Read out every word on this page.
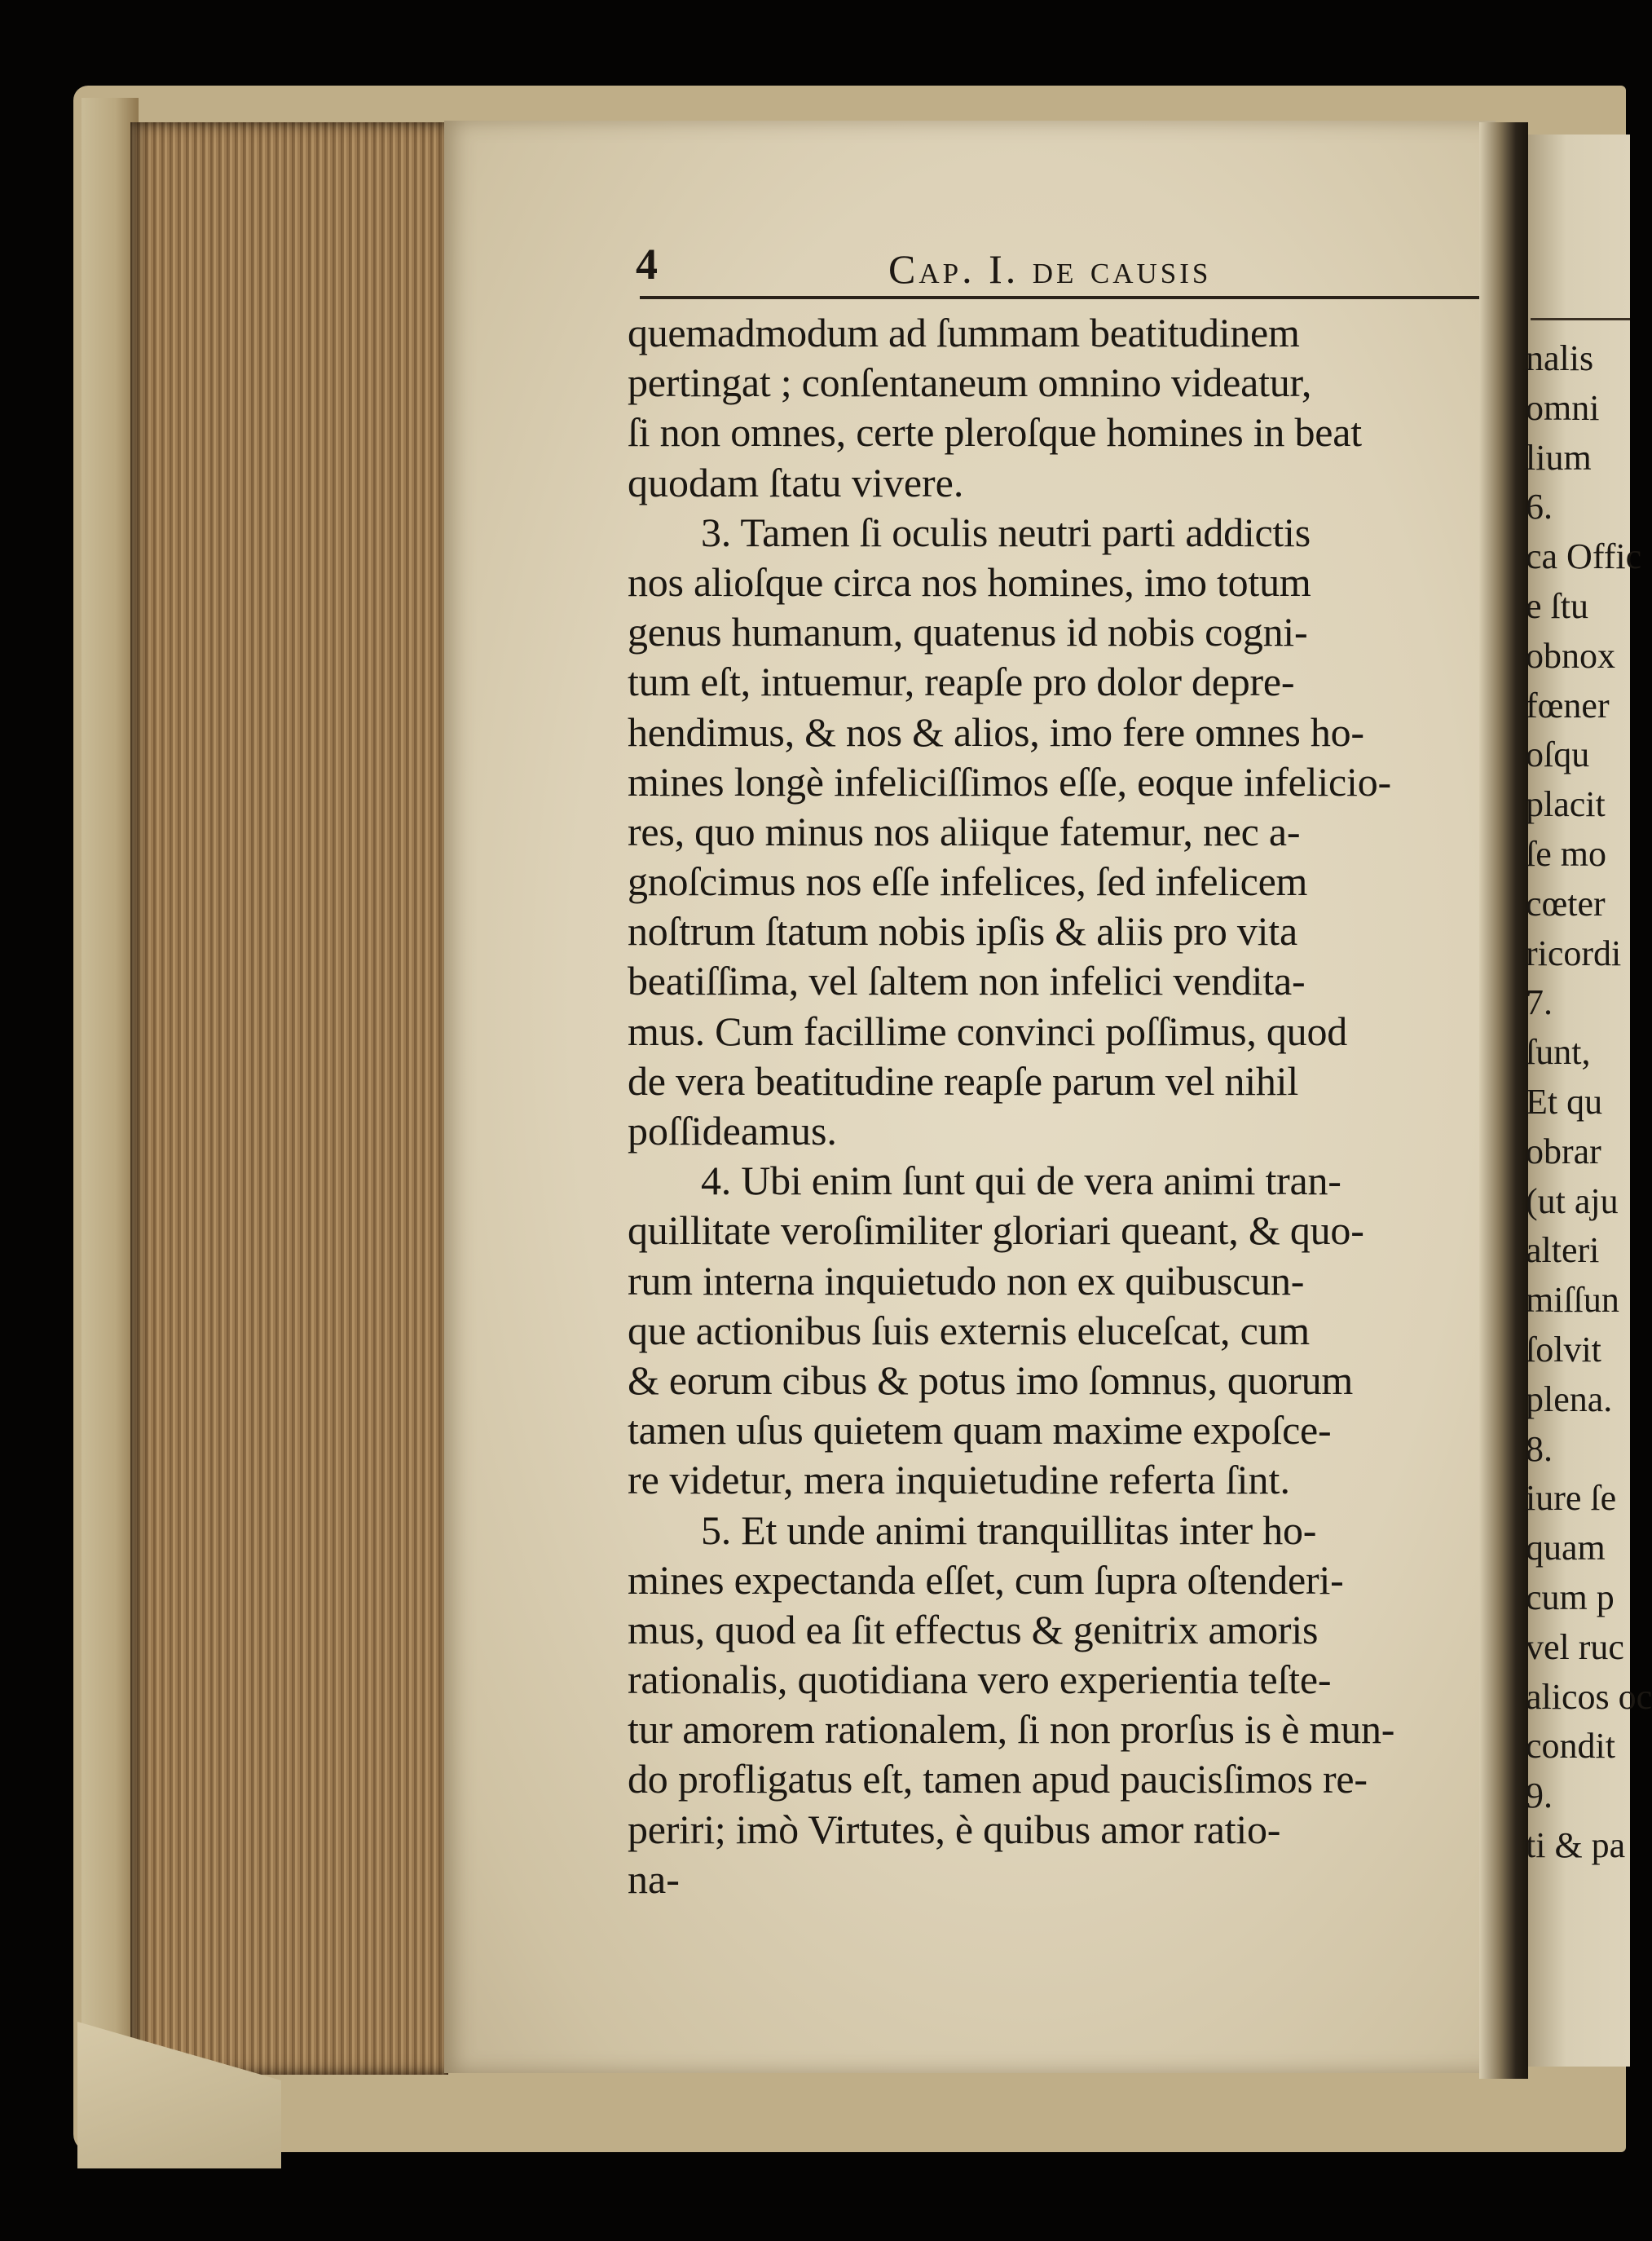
4	Cap. I. de causis
quemadmodum ad ſummam beatitudinem
pertingat ; conſentaneum omnino videatur,
ſi non omnes, certe pleroſque homines in beat
quodam ſtatu vivere.
3. Tamen ſi oculis neutri parti addictis
nos alioſque circa nos homines, imo totum
genus humanum, quatenus id nobis cogni-
tum eſt, intuemur, reapſe pro dolor depre-
hendimus, & nos & alios, imo fere omnes ho-
mines longè infeliciſſimos eſſe, eoque infelicio-
res, quo minus nos aliique fatemur, nec a-
gnoſcimus nos eſſe infelices, ſed infelicem
noſtrum ſtatum nobis ipſis & aliis pro vita
beatiſſima, vel ſaltem non infelici vendita-
mus. Cum facillime convinci poſſimus, quod
de vera beatitudine reapſe parum vel nihil
poſſideamus.
4. Ubi enim ſunt qui de vera animi tran-
quillitate veroſimiliter gloriari queant, & quo-
rum interna inquietudo non ex quibuscun-
que actionibus ſuis externis eluceſcat, cum
& eorum cibus & potus imo ſomnus, quorum
tamen uſus quietem quam maxime expoſce-
re videtur, mera inquietudine referta ſint.
5. Et unde animi tranquillitas inter ho-
mines expectanda eſſet, cum ſupra oſtenderi-
mus, quod ea ſit effectus & genitrix amoris
rationalis, quotidiana vero experientia teſte-
tur amorem rationalem, ſi non prorſus is è mun-
do profligatus eſt, tamen apud paucisſimos re-
periri; imò Virtutes, è quibus amor ratio-
na-
nalis
omni
lium
6.
ca Offic
e ſtu
obnox
fœner
oſqu
placit
ſe mo
cœter
ricordi
7.
ſunt,
Et qu
obrar
(ut aju
alteri
miſſun
ſolvit
plena.
8.
iure ſe
quam
cum p
vel ruc
alicos oc
condit
9.
ti & pa
